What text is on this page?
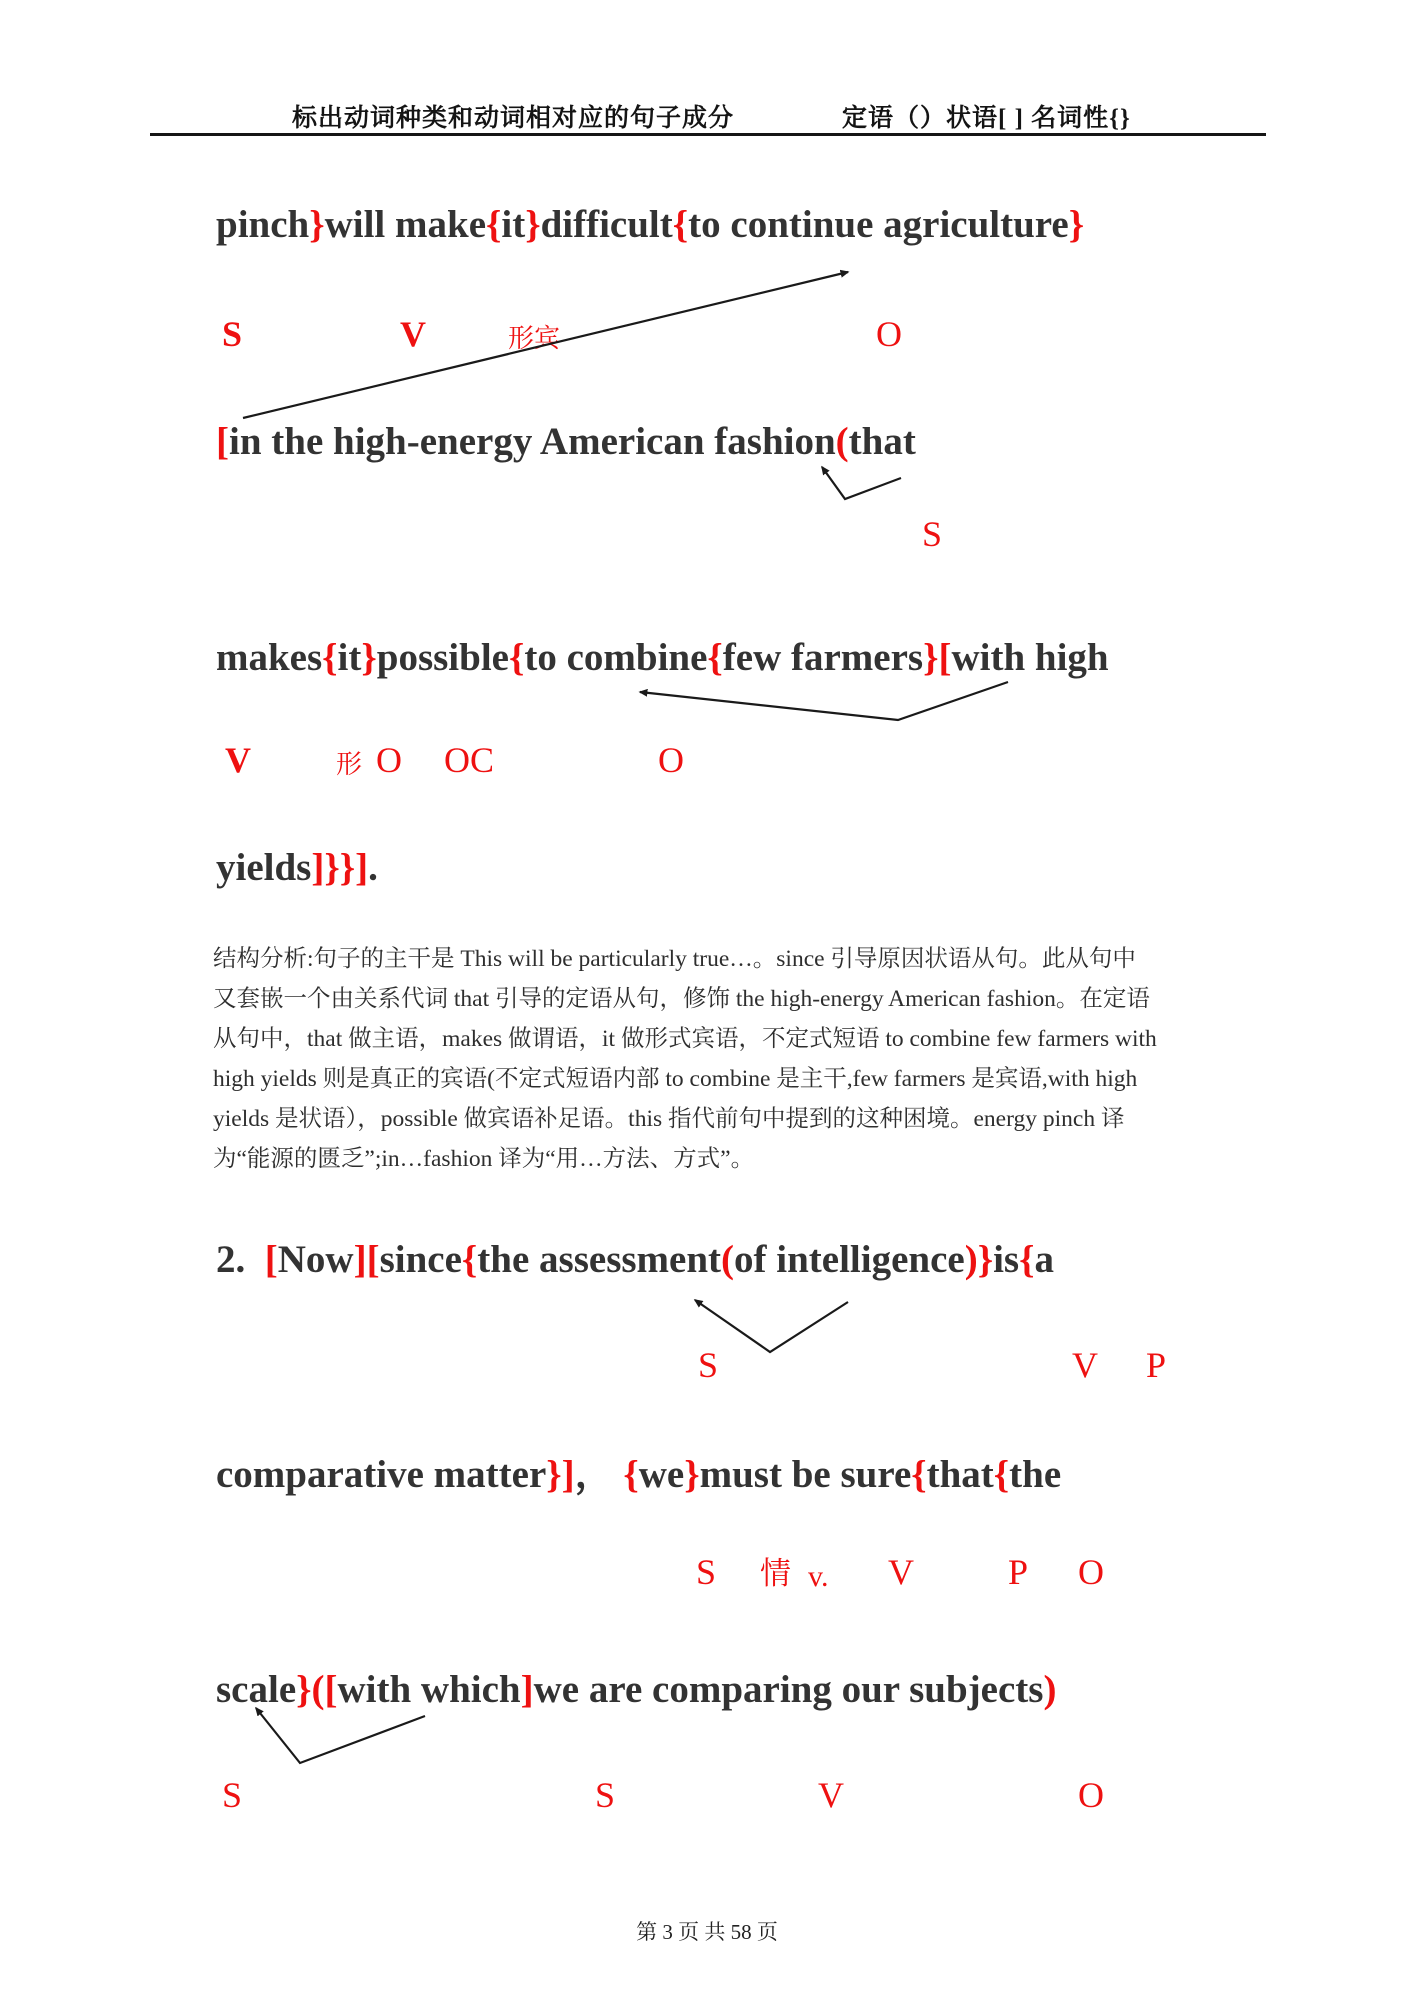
标出动词种类和动词相对应的句子成分	定语（）状语[ ] 名词性{}
pinch}will make{it}difficult{to continue agriculture}
[in the high-energy American fashion(that
makes{it}possible{to combine{few farmers}[with high
yields]}}].
S	V	形宾	O
S
V	形 O OC	O
结构分析:句子的主干是 This will be particularly true…。since 引导原因状语从句。此从句中
又套嵌一个由关系代词 that 引导的定语从句，修饰 the high-energy American fashion。在定语
从句中，that 做主语，makes 做谓语，it 做形式宾语，不定式短语 to combine few farmers with
high yields 则是真正的宾语(不定式短语内部 to combine 是主干,few farmers 是宾语,with high
yields 是状语），possible 做宾语补足语。this 指代前句中提到的这种困境。energy pinch 译
为“能源的匮乏”;in…fashion 译为“用…方法、方式”。
2.  [Now][since{the assessment(of intelligence)}is{a
comparative matter}]， {we}must be sure{that{the
scale}([with which]we are comparing our subjects)
S	V P
S 情 v. V	P O
S	S	V	O
第 3 页 共 58 页
